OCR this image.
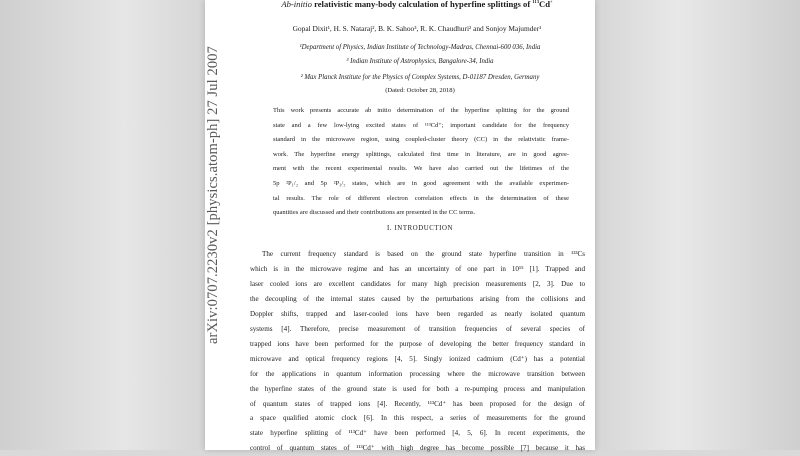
arXiv:0707.2230v2 [physics.atom-ph] 27 Jul 2007
Ab-initio relativistic many-body calculation of hyperfine splittings of $^{113}$Cd+
Gopal Dixit¹, H. S. Nataraj², B. K. Sahoo³, R. K. Chaudhuri² and Sonjoy Majumder¹
¹Department of Physics, Indian Institute of Technology-Madras, Chennai-600 036, India
³ Indian Institute of Astrophysics, Bangalore-34, India
² Max Planck Institute for the Physics of Complex Systems, D-01187 Dresden, Germany
(Dated: October 28, 2018)
This work presents accurate ab initio determination of the hyperfine splitting for the ground
state and a few low-lying excited states of ¹¹³Cd⁺; important candidate for the frequency
standard in the microwave region, using coupled-cluster theory (CC) in the relativistic frame-
work. The hyperfine energy splittings, calculated first time in literature, are in good agree-
ment with the recent experimental results. We have also carried out the lifetimes of the
5p ²P₁/₂ and 5p ²P₃/₂ states, which are in good agreement with the available experimen-
tal results. The role of different electron correlation effects in the determination of these
quantities are discussed and their contributions are presented in the CC terms.
I. INTRODUCTION
The current frequency standard is based on the ground state hyperfine transition in ¹³³Cs
which is in the microwave regime and has an uncertainty of one part in 10¹⁵ [1]. Trapped and
laser cooled ions are excellent candidates for many high precision measurements [2, 3]. Due to
the decoupling of the internal states caused by the perturbations arising from the collisions and
Doppler shifts, trapped and laser-cooled ions have been regarded as nearly isolated quantum
systems [4]. Therefore, precise measurement of transition frequencies of several species of
trapped ions have been performed for the purpose of developing the better frequency standard in
microwave and optical frequency regions [4, 5]. Singly ionized cadmium (Cd⁺) has a potential
for the applications in quantum information processing where the microwave transition between
the hyperfine states of the ground state is used for both a re-pumping process and manipulation
of quantum states of trapped ions [4]. Recently, ¹¹³Cd⁺ has been proposed for the design of
a space qualified atomic clock [6]. In this respect, a series of measurements for the ground
state hyperfine splitting of ¹¹³Cd⁺ have been performed [4, 5, 6]. In recent experiments, the
control of quantum states of ¹¹³Cd⁺ with high degree has become possible [7] because it has
